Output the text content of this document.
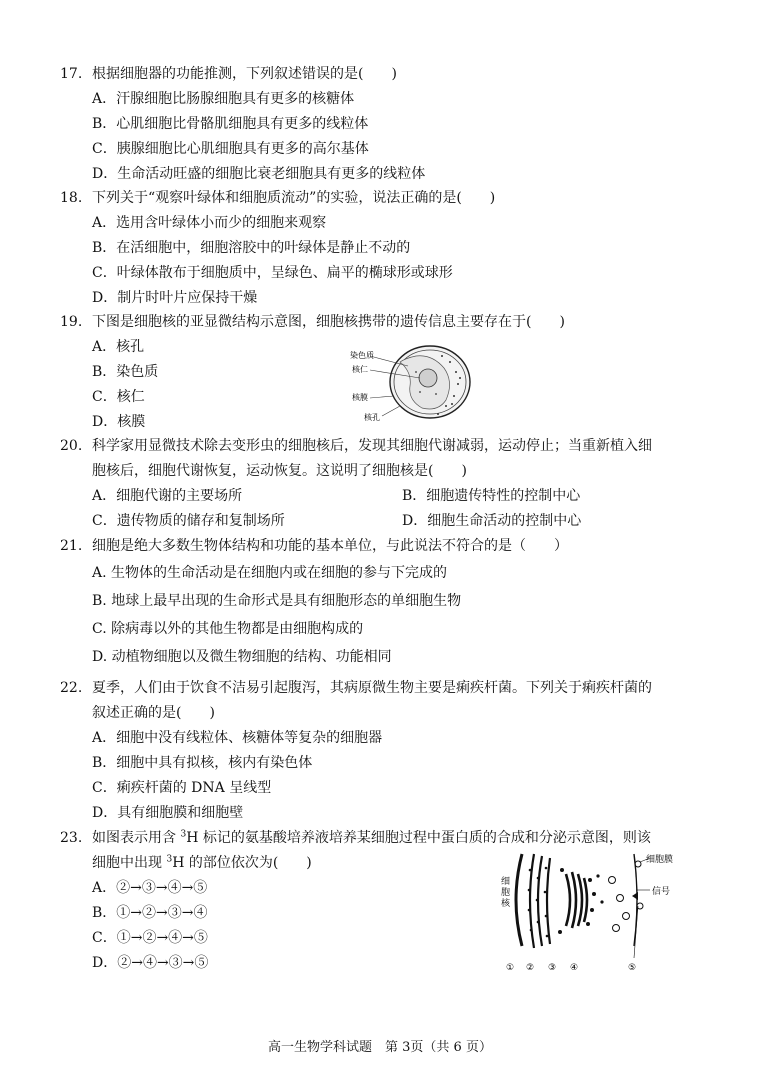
17. 根据细胞器的功能推测，下列叙述错误的是(　　)
A．汗腺细胞比肠腺细胞具有更多的核糖体
B．心肌细胞比骨骼肌细胞具有更多的线粒体
C．胰腺细胞比心肌细胞具有更多的高尔基体
D．生命活动旺盛的细胞比衰老细胞具有更多的线粒体
18. 下列关于“观察叶绿体和细胞质流动”的实验，说法正确的是(　　)
A．选用含叶绿体小而少的细胞来观察
B．在活细胞中，细胞溶胶中的叶绿体是静止不动的
C．叶绿体散布于细胞质中，呈绿色、扁平的椭球形或球形
D．制片时叶片应保持干燥
19. 下图是细胞核的亚显微结构示意图，细胞核携带的遗传信息主要存在于(　　)
A．核孔
B．染色质
C．核仁
D．核膜
染色质
核仁
核膜
核孔
20. 科学家用显微技术除去变形虫的细胞核后，发现其细胞代谢减弱，运动停止；当重新植入细
胞核后，细胞代谢恢复，运动恢复。这说明了细胞核是(　　)
A．细胞代谢的主要场所	B．细胞遗传特性的控制中心
C．遗传物质的储存和复制场所	D．细胞生命活动的控制中心
21. 细胞是绝大多数生物体结构和功能的基本单位，与此说法不符合的是（　　）
A. 生物体的生命活动是在细胞内或在细胞的参与下完成的
B. 地球上最早出现的生命形式是具有细胞形态的单细胞生物
C. 除病毒以外的其他生物都是由细胞构成的
D. 动植物细胞以及微生物细胞的结构、功能相同
22. 夏季，人们由于饮食不洁易引起腹泻，其病原微生物主要是痢疾杆菌。下列关于痢疾杆菌的
叙述正确的是(　　)
A．细胞中没有线粒体、核糖体等复杂的细胞器
B．细胞中具有拟核，核内有染色体
C．痢疾杆菌的 DNA 呈线型
D．具有细胞膜和细胞壁
23. 如图表示用含 $^3$H 标记的氨基酸培养液培养某细胞过程中蛋白质的合成和分泌示意图，则该
细胞中出现 $^3$H 的部位依次为(　　)
A．②→③→④→⑤
B．①→②→③→④
C．①→②→④→⑤
D．②→④→③→⑤
细胞膜
信号
细胞核
① ② ③ ④	⑤
高一生物学科试题　第 3页（共 6 页）
